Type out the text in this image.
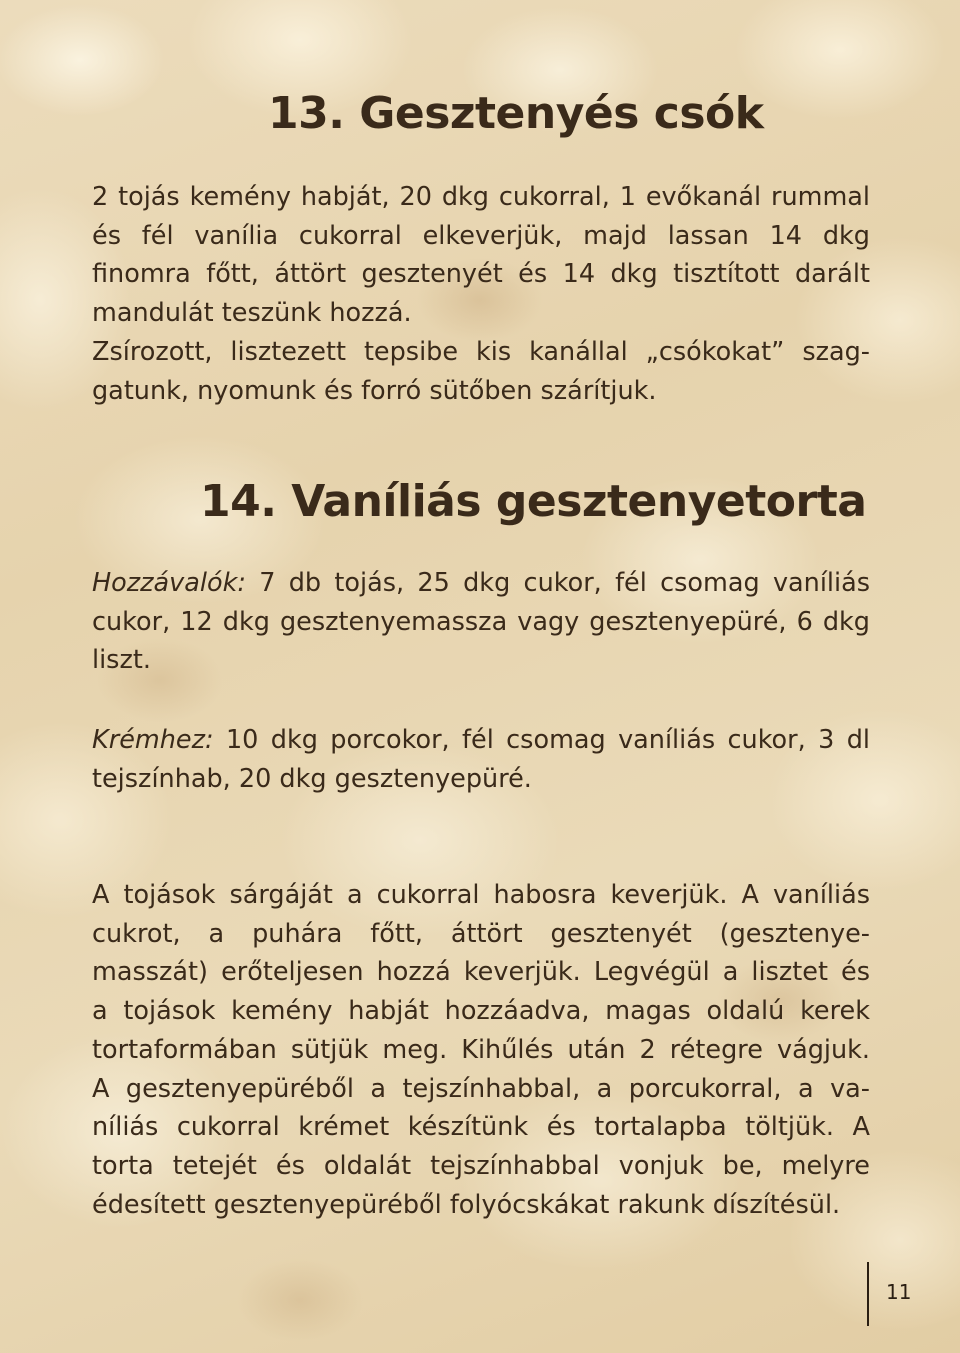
13. Gesztenyés csók

2 tojás kemény habját, 20 dkg cukorral, 1 evőkanál rummal
és fél vanília cukorral elkeverjük, majd lassan 14 dkg
finomra főtt, áttört gesztenyét és 14 dkg tisztított darált
mandulát teszünk hozzá.
Zsírozott, lisztezett tepsibe kis kanállal „csókokat” szag-
gatunk, nyomunk és forró sütőben szárítjuk.

14. Vaníliás gesztenyetorta

Hozzávalók: 7 db tojás, 25 dkg cukor, fél csomag vaníliás
cukor, 12 dkg gesztenyemassza vagy gesztenyepüré, 6 dkg
liszt.

Krémhez: 10 dkg porcokor, fél csomag vaníliás cukor, 3 dl
tejszínhab, 20 dkg gesztenyepüré.

A tojások sárgáját a cukorral habosra keverjük. A vaníliás
cukrot, a puhára főtt, áttört gesztenyét (gesztenye-
masszát) erőteljesen hozzá keverjük. Legvégül a lisztet és
a tojások kemény habját hozzáadva, magas oldalú kerek
tortaformában sütjük meg. Kihűlés után 2 rétegre vágjuk.
A gesztenyepüréből a tejszínhabbal, a porcukorral, a va-
níliás cukorral krémet készítünk és tortalapba töltjük. A
torta tetejét és oldalát tejszínhabbal vonjuk be, melyre
édesített gesztenyepüréből folyócskákat rakunk díszítésül.

11
